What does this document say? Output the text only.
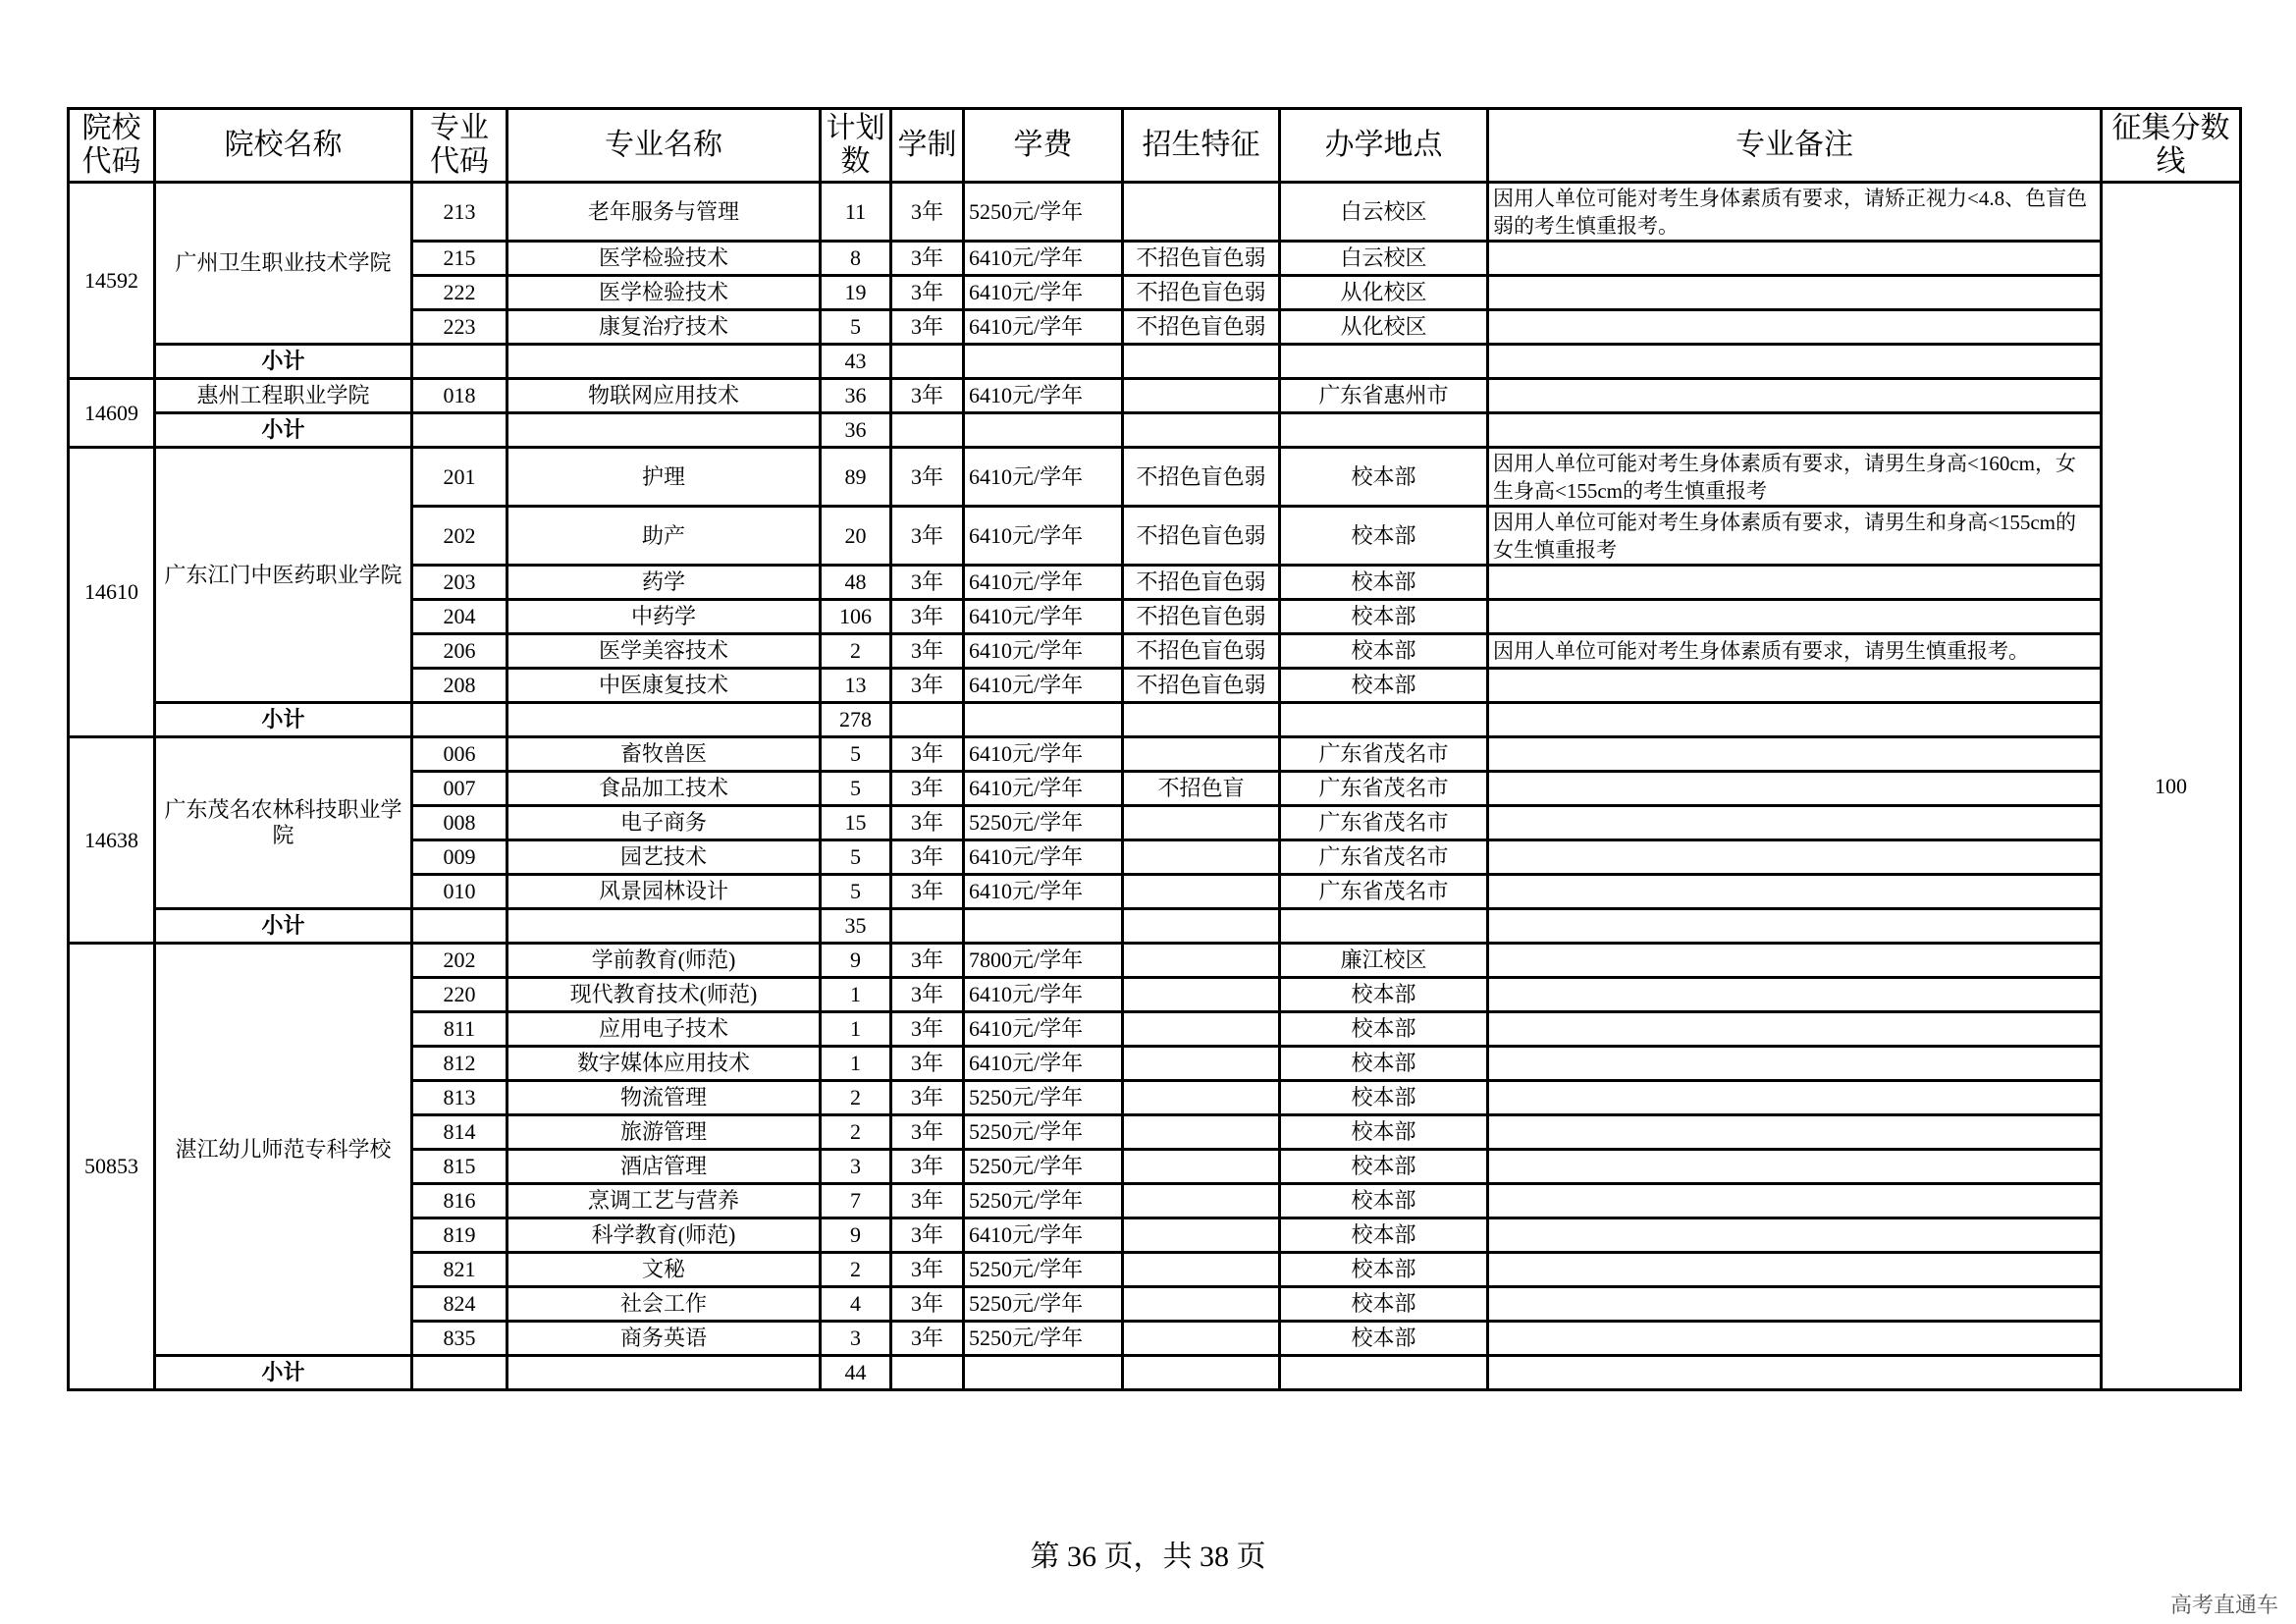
院校代码	院校名称	专业代码	专业名称	计划数	学制	学费	招生特征	办学地点	专业备注	征集分数线
14592	广州卫生职业技术学院	213	老年服务与管理	11	3年	5250元/学年		白云校区	因用人单位可能对考生身体素质有要求，请矫正视力<4.8、色盲色弱的考生慎重报考。	100
		215	医学检验技术	8	3年	6410元/学年	不招色盲色弱	白云校区		
		222	医学检验技术	19	3年	6410元/学年	不招色盲色弱	从化校区		
		223	康复治疗技术	5	3年	6410元/学年	不招色盲色弱	从化校区		
	小计			43						
14609	惠州工程职业学院	018	物联网应用技术	36	3年	6410元/学年		广东省惠州市		
	小计			36						
14610	广东江门中医药职业学院	201	护理	89	3年	6410元/学年	不招色盲色弱	校本部	因用人单位可能对考生身体素质有要求，请男生身高<160cm，女生身高<155cm的考生慎重报考	
		202	助产	20	3年	6410元/学年	不招色盲色弱	校本部	因用人单位可能对考生身体素质有要求，请男生和身高<155cm的女生慎重报考	
		203	药学	48	3年	6410元/学年	不招色盲色弱	校本部		
		204	中药学	106	3年	6410元/学年	不招色盲色弱	校本部		
		206	医学美容技术	2	3年	6410元/学年	不招色盲色弱	校本部	因用人单位可能对考生身体素质有要求，请男生慎重报考。	
		208	中医康复技术	13	3年	6410元/学年	不招色盲色弱	校本部		
	小计			278						
14638	广东茂名农林科技职业学院	006	畜牧兽医	5	3年	6410元/学年		广东省茂名市		
		007	食品加工技术	5	3年	6410元/学年	不招色盲	广东省茂名市		
		008	电子商务	15	3年	5250元/学年		广东省茂名市		
		009	园艺技术	5	3年	6410元/学年		广东省茂名市		
		010	风景园林设计	5	3年	6410元/学年		广东省茂名市		
	小计			35						
50853	湛江幼儿师范专科学校	202	学前教育(师范)	9	3年	7800元/学年		廉江校区		
		220	现代教育技术(师范)	1	3年	6410元/学年		校本部		
		811	应用电子技术	1	3年	6410元/学年		校本部		
		812	数字媒体应用技术	1	3年	6410元/学年		校本部		
		813	物流管理	2	3年	5250元/学年		校本部		
		814	旅游管理	2	3年	5250元/学年		校本部		
		815	酒店管理	3	3年	5250元/学年		校本部		
		816	烹调工艺与营养	7	3年	5250元/学年		校本部		
		819	科学教育(师范)	9	3年	6410元/学年		校本部		
		821	文秘	2	3年	5250元/学年		校本部		
		824	社会工作	4	3年	5250元/学年		校本部		
		835	商务英语	3	3年	5250元/学年		校本部		
	小计			44						
第 36 页，共 38 页
高考直通车
